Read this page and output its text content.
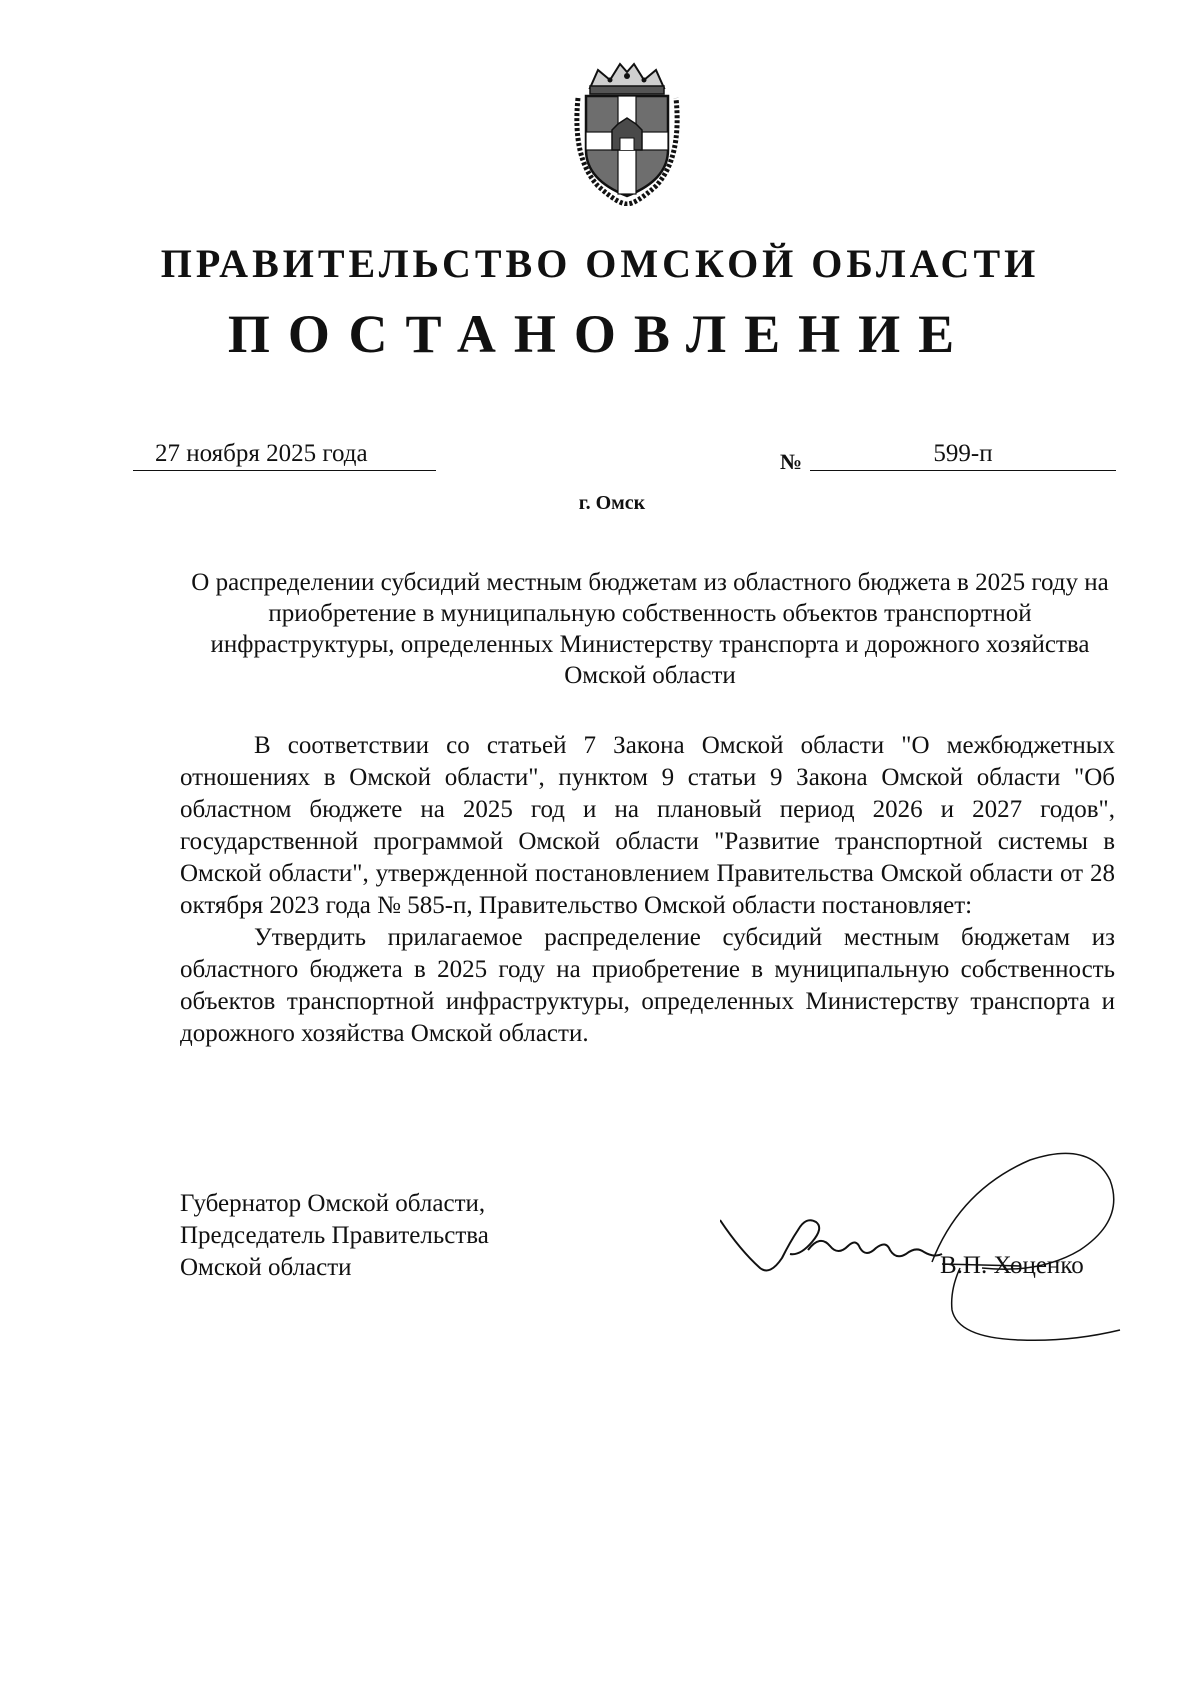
ПРАВИТЕЛЬСТВО ОМСКОЙ ОБЛАСТИ
ПОСТАНОВЛЕНИЕ
27 ноября 2025 года	№	599-п
г. Омск
О распределении субсидий местным бюджетам из областного бюджета в 2025 году на приобретение в муниципальную собственность объектов транспортной инфраструктуры, определенных Министерству транспорта и дорожного хозяйства Омской области

В соответствии со статьей 7 Закона Омской области "О межбюджетных отношениях в Омской области", пунктом 9 статьи 9 Закона Омской области "Об областном бюджете на 2025 год и на плановый период 2026 и 2027 годов", государственной программой Омской области "Развитие транспортной системы в Омской области", утвержденной постановлением Правительства Омской области от 28 октября 2023 года № 585-п, Правительство Омской области постановляет:

Утвердить прилагаемое распределение субсидий местным бюджетам из областного бюджета в 2025 году на приобретение в муниципальную собственность объектов транспортной инфраструктуры, определенных Министерству транспорта и дорожного хозяйства Омской области.

Губернатор Омской области,
Председатель Правительства
Омской области	В.П. Хоценко
